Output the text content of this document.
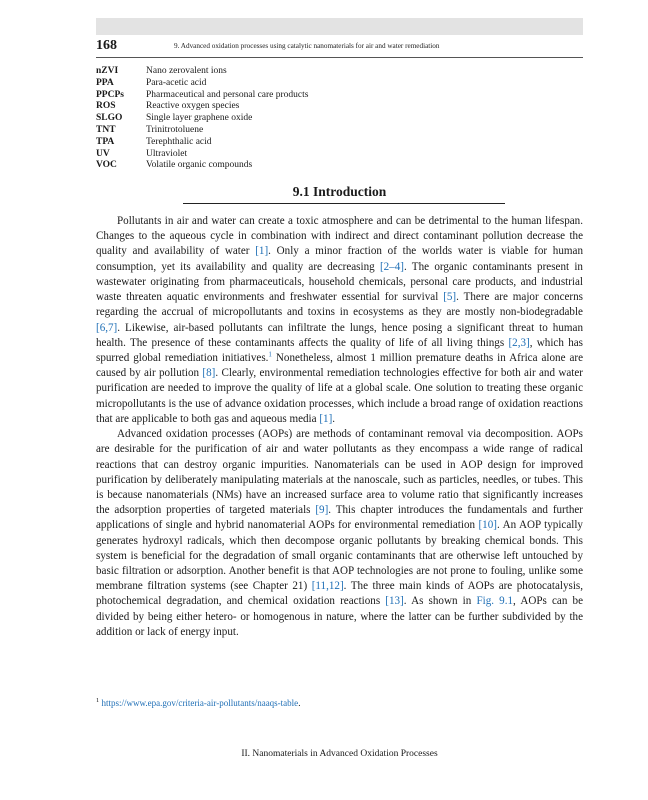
168	9. Advanced oxidation processes using catalytic nanomaterials for air and water remediation
nZVI	Nano zerovalent ions
PPA	Para-acetic acid
PPCPs	Pharmaceutical and personal care products
ROS	Reactive oxygen species
SLGO	Single layer graphene oxide
TNT	Trinitrotoluene
TPA	Terephthalic acid
UV	Ultraviolet
VOC	Volatile organic compounds
9.1 Introduction

Pollutants in air and water can create a toxic atmosphere and can be detrimental to the human lifespan. Changes to the aqueous cycle in combination with indirect and direct contaminant pollution decrease the quality and availability of water [1]. Only a minor fraction of the worlds water is viable for human consumption, yet its availability and quality are decreasing [2–4]. The organic contaminants present in wastewater originating from pharmaceuticals, household chemicals, personal care products, and industrial waste threaten aquatic environments and freshwater essential for survival [5]. There are major concerns regarding the accrual of micropollutants and toxins in ecosystems as they are mostly non-biodegradable [6,7]. Likewise, air-based pollutants can infiltrate the lungs, hence posing a significant threat to human health. The presence of these contaminants affects the quality of life of all living things [2,3], which has spurred global remediation initiatives.$^1$ Nonetheless, almost 1 million premature deaths in Africa alone are caused by air pollution [8]. Clearly, environmental remediation technologies effective for both air and water purification are needed to improve the quality of life at a global scale. One solution to treating these organic micropollutants is the use of advance oxidation processes, which include a broad range of oxidation reactions that are applicable to both gas and aqueous media [1].

Advanced oxidation processes (AOPs) are methods of contaminant removal via decomposition. AOPs are desirable for the purification of air and water pollutants as they encompass a wide range of radical reactions that can destroy organic impurities. Nanomaterials can be used in AOP design for improved purification by deliberately manipulating materials at the nanoscale, such as particles, needles, or tubes. This is because nanomaterials (NMs) have an increased surface area to volume ratio that significantly increases the adsorption properties of targeted materials [9]. This chapter introduces the fundamentals and further applications of single and hybrid nanomaterial AOPs for environmental remediation [10]. An AOP typically generates hydroxyl radicals, which then decompose organic pollutants by breaking chemical bonds. This system is beneficial for the degradation of small organic contaminants that are otherwise left untouched by basic filtration or adsorption. Another benefit is that AOP technologies are not prone to fouling, unlike some membrane filtration systems (see Chapter 21) [11,12]. The three main kinds of AOPs are photocatalysis, photochemical degradation, and chemical oxidation reactions [13]. As shown in Fig. 9.1, AOPs can be divided by being either hetero- or homogenous in nature, where the latter can be further subdivided by the addition or lack of energy input.

$^1$ https://www.epa.gov/criteria-air-pollutants/naaqs-table.
II. Nanomaterials in Advanced Oxidation Processes
